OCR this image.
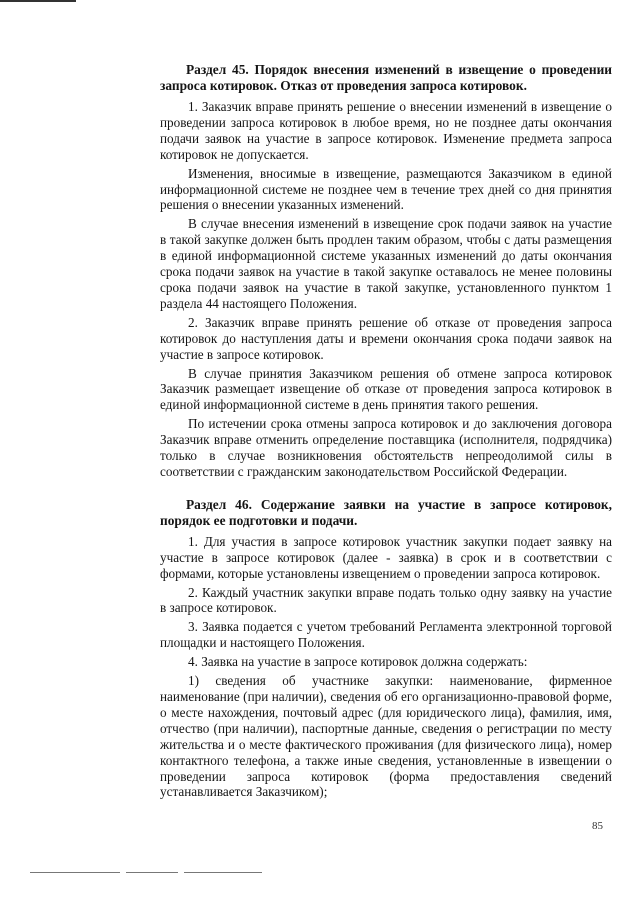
Раздел 45. Порядок внесения изменений в извещение о проведении запроса котировок. Отказ от проведения запроса котировок.

1. Заказчик вправе принять решение о внесении изменений в извещение о проведении запроса котировок в любое время, но не позднее даты окончания подачи заявок на участие в запросе котировок. Изменение предмета запроса котировок не допускается.

Изменения, вносимые в извещение, размещаются Заказчиком в единой информационной системе не позднее чем в течение трех дней со дня принятия решения о внесении указанных изменений.

В случае внесения изменений в извещение срок подачи заявок на участие в такой закупке должен быть продлен таким образом, чтобы с даты размещения в единой информационной системе указанных изменений до даты окончания срока подачи заявок на участие в такой закупке оставалось не менее половины срока подачи заявок на участие в такой закупке, установленного пунктом 1 раздела 44 настоящего Положения.

2. Заказчик вправе принять решение об отказе от проведения запроса котировок до наступления даты и времени окончания срока подачи заявок на участие в запросе котировок.

В случае принятия Заказчиком решения об отмене запроса котировок Заказчик размещает извещение об отказе от проведения запроса котировок в единой информационной системе в день принятия такого решения.

По истечении срока отмены запроса котировок и до заключения договора Заказчик вправе отменить определение поставщика (исполнителя, подрядчика) только в случае возникновения обстоятельств непреодолимой силы в соответствии с гражданским законодательством Российской Федерации.

Раздел 46. Содержание заявки на участие в запросе котировок, порядок ее подготовки и подачи.

1. Для участия в запросе котировок участник закупки подает заявку на участие в запросе котировок (далее - заявка) в срок и в соответствии с формами, которые установлены извещением о проведении запроса котировок.

2. Каждый участник закупки вправе подать только одну заявку на участие в запросе котировок.

3. Заявка подается с учетом требований Регламента электронной торговой площадки и настоящего Положения.

4. Заявка на участие в запросе котировок должна содержать:

1) сведения об участнике закупки: наименование, фирменное наименование (при наличии), сведения об его организационно-правовой форме, о месте нахождения, почтовый адрес (для юридического лица), фамилия, имя, отчество (при наличии), паспортные данные, сведения о регистрации по месту жительства и о месте фактического проживания (для физического лица), номер контактного телефона, а также иные сведения, установленные в извещении о проведении запроса котировок (форма предоставления сведений устанавливается Заказчиком);

85
